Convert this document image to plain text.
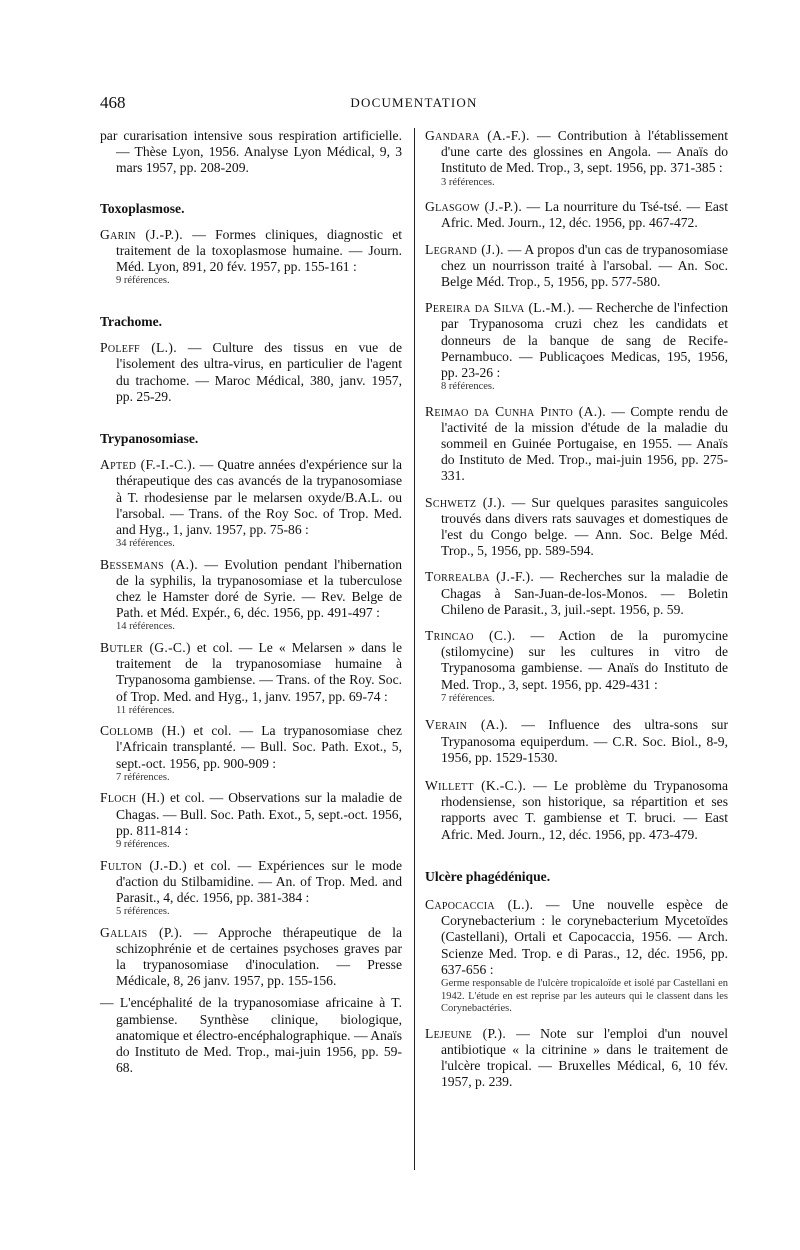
468	DOCUMENTATION

par curarisation intensive sous respiration artificielle. — Thèse Lyon, 1956. Analyse Lyon Médical, 9, 3 mars 1957, pp. 208-209.

Toxoplasmose.

Garin (J.-P.). — Formes cliniques, diagnostic et traitement de la toxoplasmose humaine. — Journ. Méd. Lyon, 891, 20 fév. 1957, pp. 155-161 :

9 références.

Trachome.

Poleff (L.). — Culture des tissus en vue de l'isolement des ultra-virus, en particulier de l'agent du trachome. — Maroc Médical, 380, janv. 1957, pp. 25-29.

Trypanosomiase.

Apted (F.-I.-C.). — Quatre années d'expérience sur la thérapeutique des cas avancés de la trypanosomiase à T. rhodesiense par le melarsen oxyde/B.A.L. ou l'arsobal. — Trans. of the Roy Soc. of Trop. Med. and Hyg., 1, janv. 1957, pp. 75-86 :

34 références.

Bessemans (A.). — Evolution pendant l'hibernation de la syphilis, la trypanosomiase et la tuberculose chez le Hamster doré de Syrie. — Rev. Belge de Path. et Méd. Expér., 6, déc. 1956, pp. 491-497 :

14 références.

Butler (G.-C.) et col. — Le « Melarsen » dans le traitement de la trypanosomiase humaine à Trypanosoma gambiense. — Trans. of the Roy. Soc. of Trop. Med. and Hyg., 1, janv. 1957, pp. 69-74 :

11 références.

Collomb (H.) et col. — La trypanosomiase chez l'Africain transplanté. — Bull. Soc. Path. Exot., 5, sept.-oct. 1956, pp. 900-909 :

7 références.

Floch (H.) et col. — Observations sur la maladie de Chagas. — Bull. Soc. Path. Exot., 5, sept.-oct. 1956, pp. 811-814 :

9 références.

Fulton (J.-D.) et col. — Expériences sur le mode d'action du Stilbamidine. — An. of Trop. Med. and Parasit., 4, déc. 1956, pp. 381-384 :

5 références.

Gallais (P.). — Approche thérapeutique de la schizophrénie et de certaines psychoses graves par la trypanosomiase d'inoculation. — Presse Médicale, 8, 26 janv. 1957, pp. 155-156.

— L'encéphalité de la trypanosomiase africaine à T. gambiense. Synthèse clinique, biologique, anatomique et électro-encéphalographique. — Anaïs do Instituto de Med. Trop., mai-juin 1956, pp. 59-68.

Gandara (A.-F.). — Contribution à l'établissement d'une carte des glossines en Angola. — Anaïs do Instituto de Med. Trop., 3, sept. 1956, pp. 371-385 :

3 références.

Glasgow (J.-P.). — La nourriture du Tsé-tsé. — East Afric. Med. Journ., 12, déc. 1956, pp. 467-472.

Legrand (J.). — A propos d'un cas de trypanosomiase chez un nourrisson traité à l'arsobal. — An. Soc. Belge Méd. Trop., 5, 1956, pp. 577-580.

Pereira da Silva (L.-M.). — Recherche de l'infection par Trypanosoma cruzi chez les candidats et donneurs de la banque de sang de Recife-Pernambuco. — Publicaçoes Medicas, 195, 1956, pp. 23-26 :

8 références.

Reimao da Cunha Pinto (A.). — Compte rendu de l'activité de la mission d'étude de la maladie du sommeil en Guinée Portugaise, en 1955. — Anaïs do Instituto de Med. Trop., mai-juin 1956, pp. 275-331.

Schwetz (J.). — Sur quelques parasites sanguicoles trouvés dans divers rats sauvages et domestiques de l'est du Congo belge. — Ann. Soc. Belge Méd. Trop., 5, 1956, pp. 589-594.

Torrealba (J.-F.). — Recherches sur la maladie de Chagas à San-Juan-de-los-Monos. — Boletin Chileno de Parasit., 3, juil.-sept. 1956, p. 59.

Trincao (C.). — Action de la puromycine (stilomycine) sur les cultures in vitro de Trypanosoma gambiense. — Anaïs do Instituto de Med. Trop., 3, sept. 1956, pp. 429-431 :

7 références.

Verain (A.). — Influence des ultra-sons sur Trypanosoma equiperdum. — C.R. Soc. Biol., 8-9, 1956, pp. 1529-1530.

Willett (K.-C.). — Le problème du Trypanosoma rhodensiense, son historique, sa répartition et ses rapports avec T. gambiense et T. bruci. — East Afric. Med. Journ., 12, déc. 1956, pp. 473-479.

Ulcère phagédénique.

Capocaccia (L.). — Une nouvelle espèce de Corynebacterium : le corynebacterium Mycetoïdes (Castellani), Ortali et Capocaccia, 1956. — Arch. Scienze Med. Trop. e di Paras., 12, déc. 1956, pp. 637-656 :

Germe responsable de l'ulcère tropicaloïde et isolé par Castellani en 1942. L'étude en est reprise par les auteurs qui le classent dans les Corynebactéries.

Lejeune (P.). — Note sur l'emploi d'un nouvel antibiotique « la citrinine » dans le traitement de l'ulcère tropical. — Bruxelles Médical, 6, 10 fév. 1957, p. 239.
